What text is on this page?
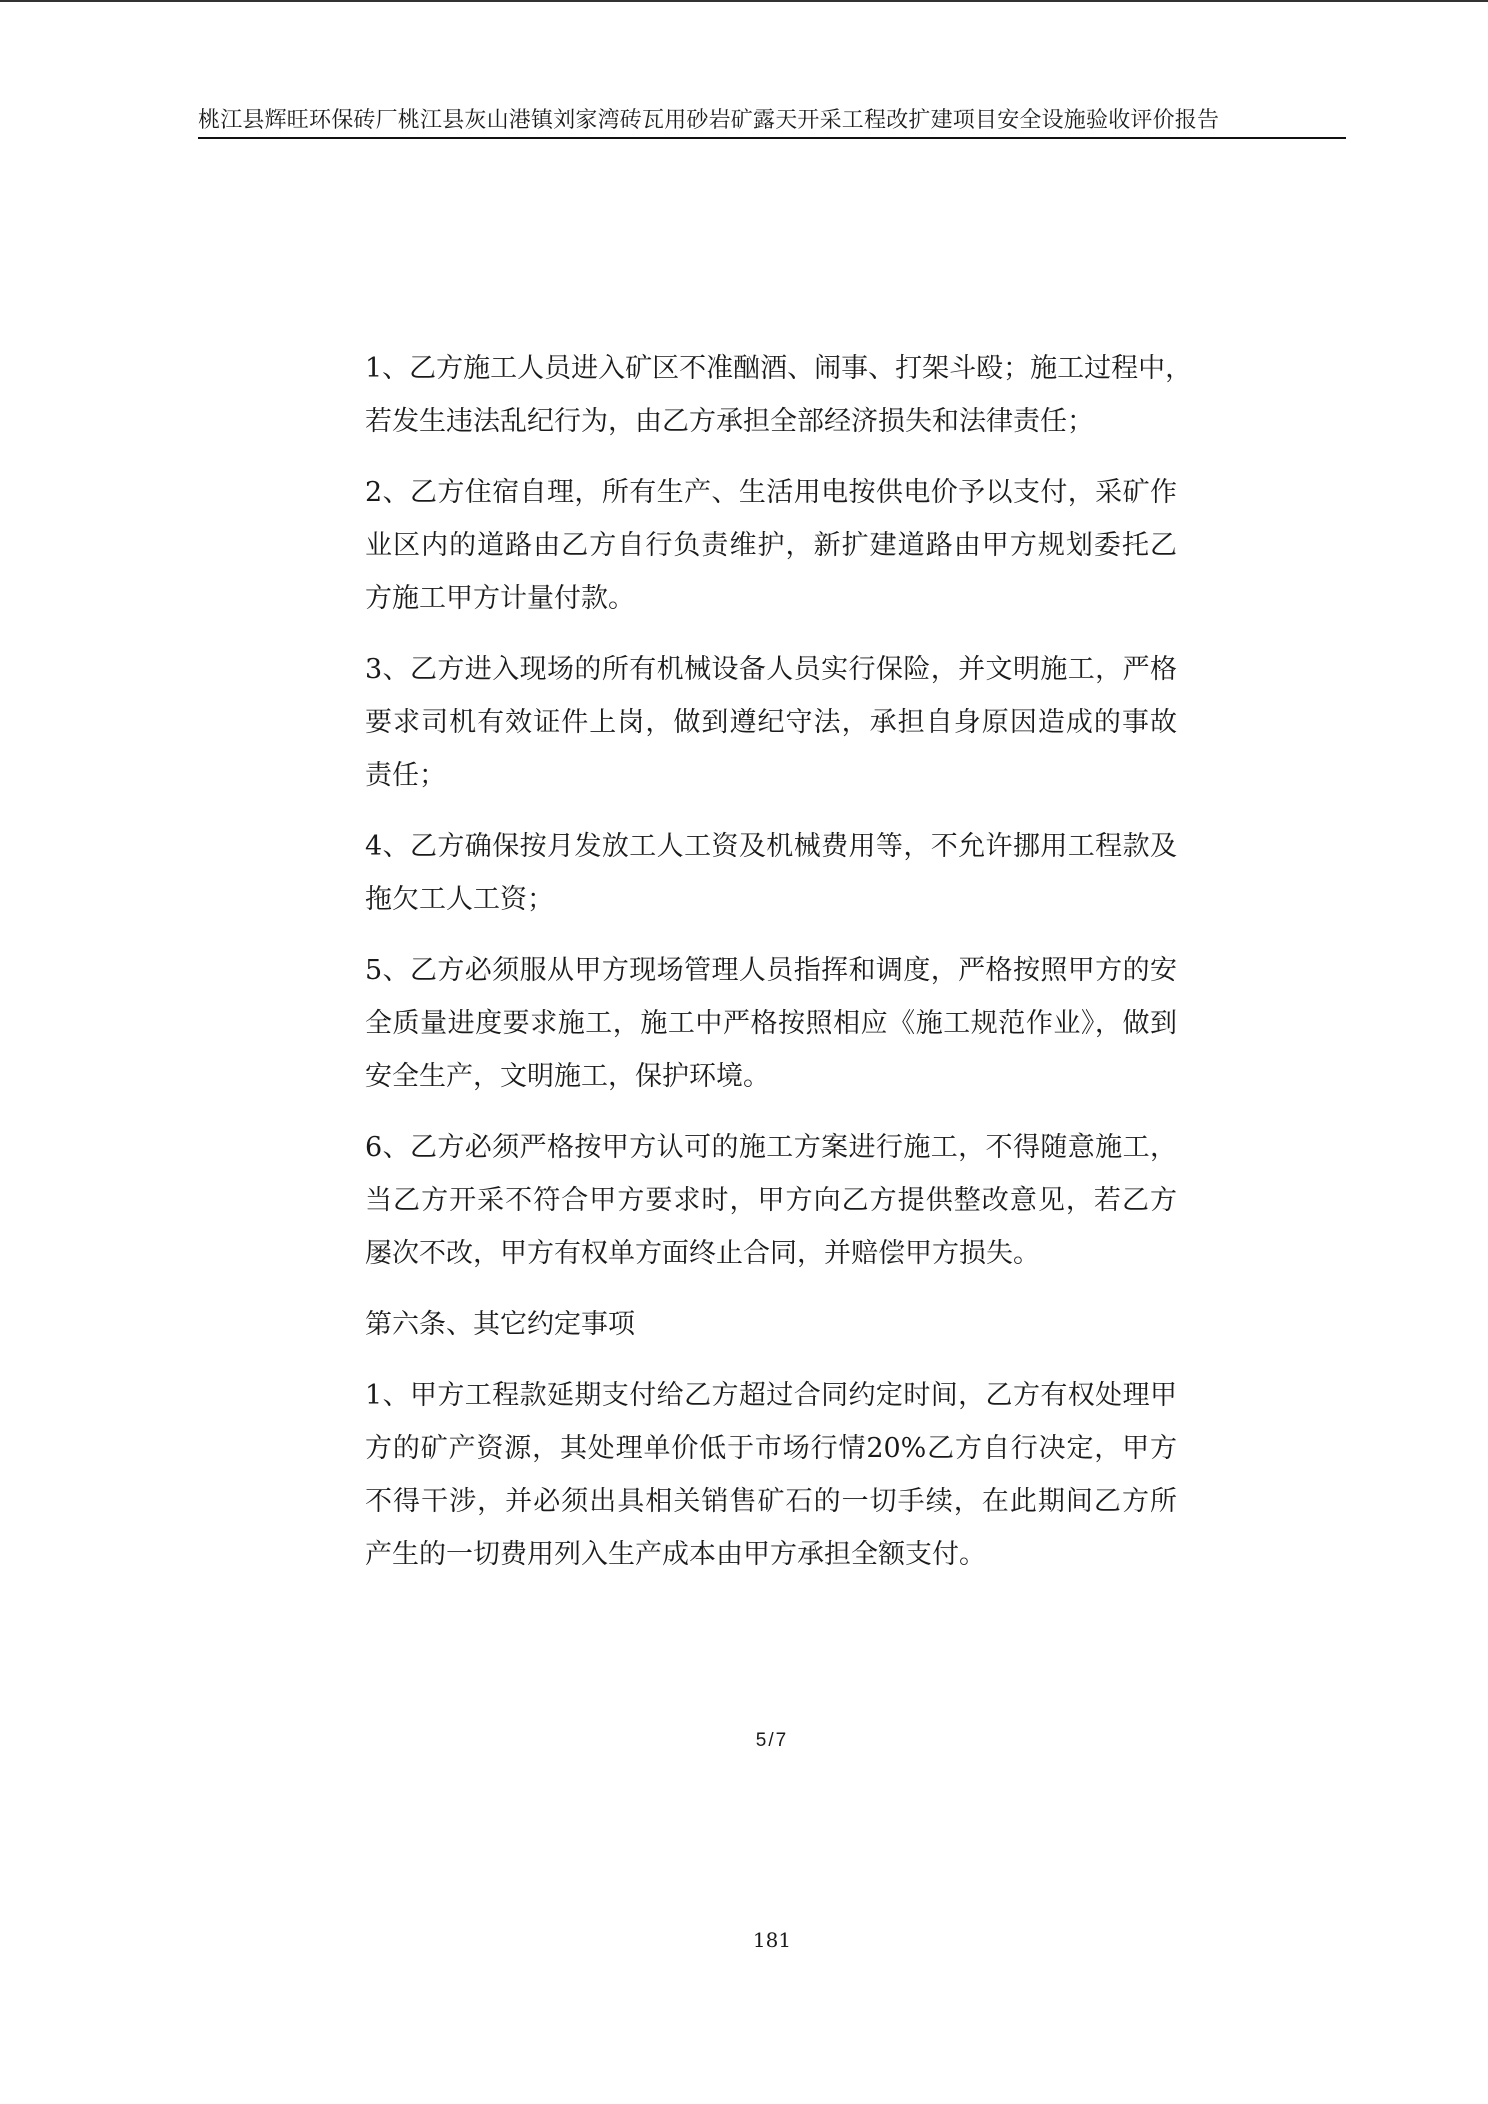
桃江县辉旺环保砖厂桃江县灰山港镇刘家湾砖瓦用砂岩矿露天开采工程改扩建项目安全设施验收评价报告
1、乙方施工人员进入矿区不准酗酒、闹事、打架斗殴；施工过程中，
若发生违法乱纪行为，由乙方承担全部经济损失和法律责任；
2、乙方住宿自理，所有生产、生活用电按供电价予以支付，采矿作
业区内的道路由乙方自行负责维护，新扩建道路由甲方规划委托乙
方施工甲方计量付款。
3、乙方进入现场的所有机械设备人员实行保险，并文明施工，严格
要求司机有效证件上岗，做到遵纪守法，承担自身原因造成的事故
责任；
4、乙方确保按月发放工人工资及机械费用等，不允许挪用工程款及
拖欠工人工资；
5、乙方必须服从甲方现场管理人员指挥和调度，严格按照甲方的安
全质量进度要求施工，施工中严格按照相应《施工规范作业》，做到
安全生产，文明施工，保护环境。
6、乙方必须严格按甲方认可的施工方案进行施工，不得随意施工，
当乙方开采不符合甲方要求时，甲方向乙方提供整改意见，若乙方
屡次不改，甲方有权单方面终止合同，并赔偿甲方损失。
第六条、其它约定事项
1、甲方工程款延期支付给乙方超过合同约定时间，乙方有权处理甲
方的矿产资源，其处理单价低于市场行情20%乙方自行决定，甲方
不得干涉，并必须出具相关销售矿石的一切手续，在此期间乙方所
产生的一切费用列入生产成本由甲方承担全额支付。
5/7
181
